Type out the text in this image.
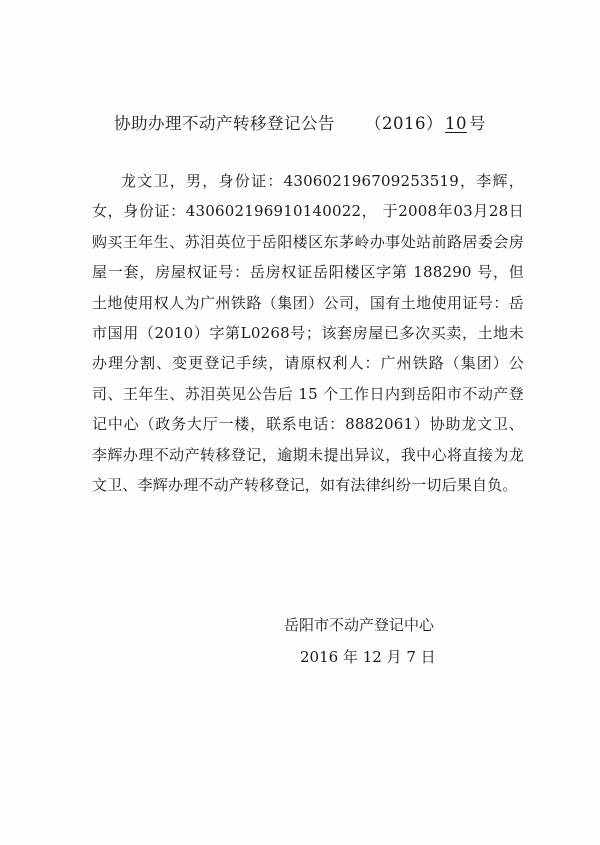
协助办理不动产转移登记公告 （2016） 10 号

龙文卫，男，身份证：430602196709253519，李辉，女，身份证：430602196910140022， 于2008年03月28日购买王年生、苏泪英位于岳阳楼区东茅岭办事处站前路居委会房屋一套，房屋权证号：岳房权证岳阳楼区字第 188290 号，但土地使用权人为广州铁路（集团）公司，国有土地使用证号：岳市国用（2010）字第L0268号；该套房屋已多次买卖，土地未办理分割、变更登记手续，请原权利人：广州铁路（集团）公司、王年生、苏泪英见公告后 15 个工作日内到岳阳市不动产登记中心（政务大厅一楼，联系电话：8882061）协助龙文卫、李辉办理不动产转移登记，逾期未提出异议，我中心将直接为龙文卫、李辉办理不动产转移登记，如有法律纠纷一切后果自负。

岳阳市不动产登记中心
2016 年 12 月 7 日
